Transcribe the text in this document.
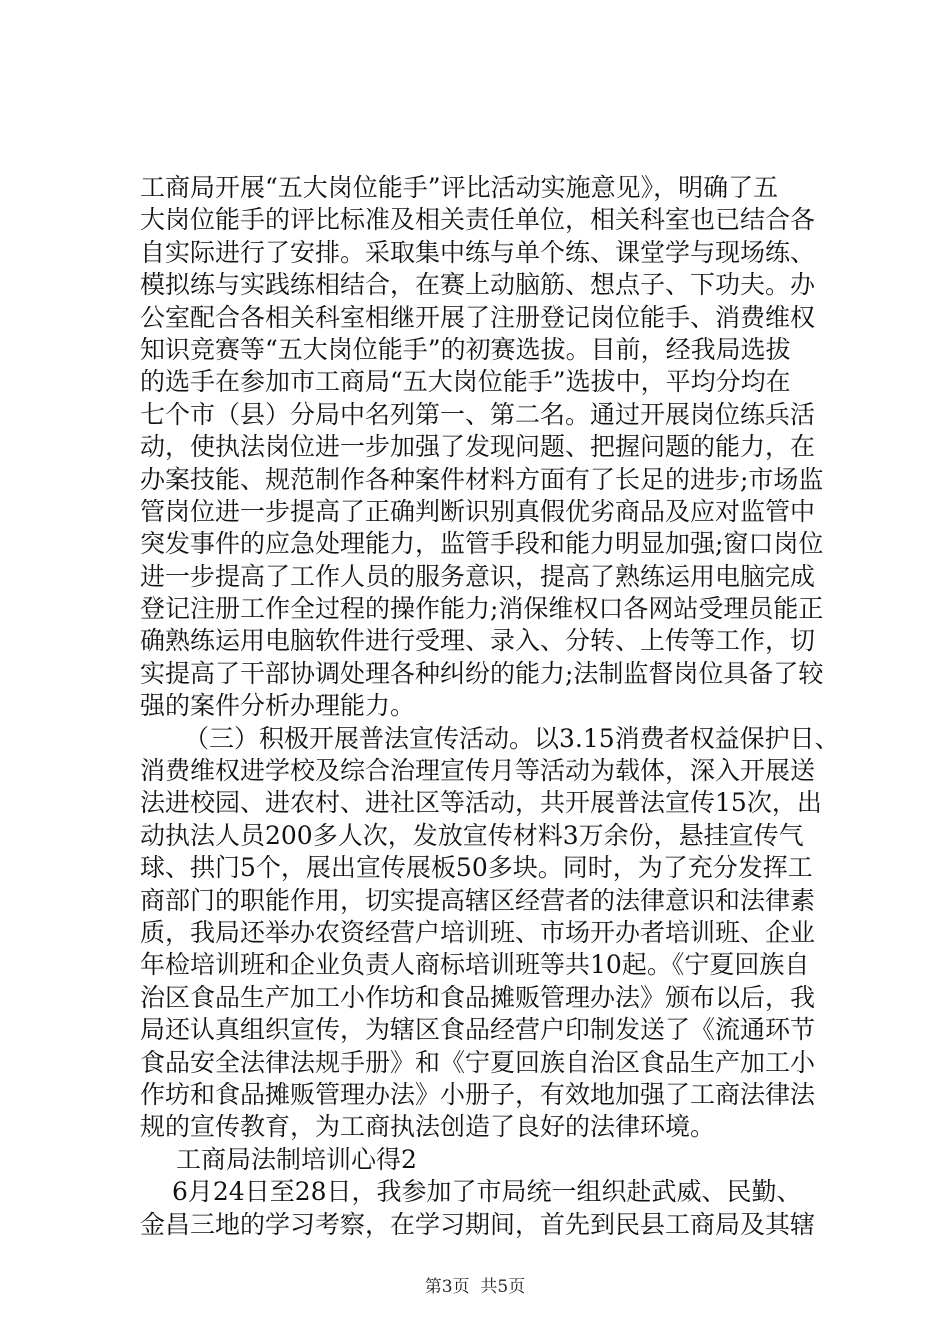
工商局开展“五大岗位能手”评比活动实施意见》，明确了五
大岗位能手的评比标准及相关责任单位，相关科室也已结合各
自实际进行了安排。采取集中练与单个练、课堂学与现场练、
模拟练与实践练相结合，在赛上动脑筋、想点子、下功夫。办
公室配合各相关科室相继开展了注册登记岗位能手、消费维权
知识竞赛等“五大岗位能手”的初赛选拔。目前，经我局选拔
的选手在参加市工商局“五大岗位能手”选拔中，平均分均在
七个市（县）分局中名列第一、第二名。通过开展岗位练兵活
动，使执法岗位进一步加强了发现问题、把握问题的能力，在
办案技能、规范制作各种案件材料方面有了长足的进步;市场监
管岗位进一步提高了正确判断识别真假优劣商品及应对监管中
突发事件的应急处理能力，监管手段和能力明显加强;窗口岗位
进一步提高了工作人员的服务意识，提高了熟练运用电脑完成
登记注册工作全过程的操作能力;消保维权口各网站受理员能正
确熟练运用电脑软件进行受理、录入、分转、上传等工作，切
实提高了干部协调处理各种纠纷的能力;法制监督岗位具备了较
强的案件分析办理能力。
（三）积极开展普法宣传活动。以3.15消费者权益保护日、
消费维权进学校及综合治理宣传月等活动为载体，深入开展送
法进校园、进农村、进社区等活动，共开展普法宣传15次，出
动执法人员200多人次，发放宣传材料3万余份，悬挂宣传气
球、拱门5个，展出宣传展板50多块。同时，为了充分发挥工
商部门的职能作用，切实提高辖区经营者的法律意识和法律素
质，我局还举办农资经营户培训班、市场开办者培训班、企业
年检培训班和企业负责人商标培训班等共10起。《宁夏回族自
治区食品生产加工小作坊和食品摊贩管理办法》颁布以后，我
局还认真组织宣传，为辖区食品经营户印制发送了《流通环节
食品安全法律法规手册》和《宁夏回族自治区食品生产加工小
作坊和食品摊贩管理办法》小册子，有效地加强了工商法律法
规的宣传教育，为工商执法创造了良好的法律环境。
工商局法制培训心得2
6月24日至28日，我参加了市局统一组织赴武威、民勤、
金昌三地的学习考察，在学习期间，首先到民县工商局及其辖
第3页  共5页
